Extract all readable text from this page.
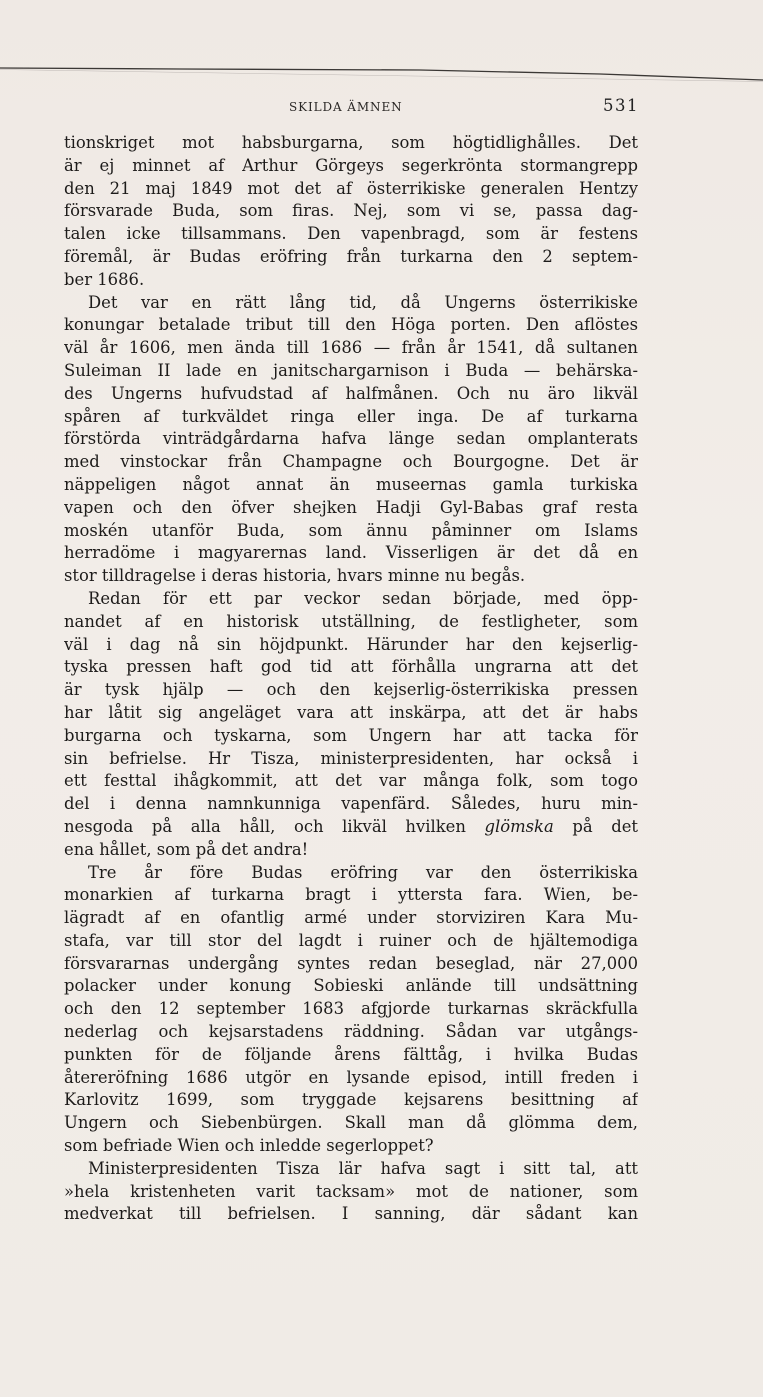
SKILDA ÄMNEN	531
tionskriget mot habsburgarna, som högtidlighålles. Det
är ej minnet af Arthur Görgeys segerkrönta stormangrepp
den 21 maj 1849 mot det af österrikiske generalen Hentzy
försvarade Buda, som firas. Nej, som vi se, passa dag-
talen icke tillsammans. Den vapenbragd, som är festens
föremål, är Budas eröfring från turkarna den 2 septem-
ber 1686.
Det var en rätt lång tid, då Ungerns österrikiske
konungar betalade tribut till den Höga porten. Den aflöstes
väl år 1606, men ända till 1686 — från år 1541, då sultanen
Suleiman II lade en janitschargarnison i Buda — behärska-
des Ungerns hufvudstad af halfmånen. Och nu äro likväl
spåren af turkväldet ringa eller inga. De af turkarna
förstörda vinträdgårdarna hafva länge sedan omplanterats
med vinstockar från Champagne och Bourgogne. Det är
näppeligen något annat än museernas gamla turkiska
vapen och den öfver shejken Hadji Gyl-Babas graf resta
moskén utanför Buda, som ännu påminner om Islams
herradöme i magyarernas land. Visserligen är det då en
stor tilldragelse i deras historia, hvars minne nu begås.
Redan för ett par veckor sedan började, med öpp-
nandet af en historisk utställning, de festligheter, som
väl i dag nå sin höjdpunkt. Härunder har den kejserlig-
tyska pressen haft god tid att förhålla ungrarna att det
är tysk hjälp — och den kejserlig-österrikiska pressen
har låtit sig angeläget vara att inskärpa, att det är habs
burgarna och tyskarna, som Ungern har att tacka för
sin befrielse. Hr Tisza, ministerpresidenten, har också i
ett festtal ihågkommit, att det var många folk, som togo
del i denna namnkunniga vapenfärd. Således, huru min-
nesgoda på alla håll, och likväl hvilken glömska på det
ena hållet, som på det andra!
Tre år före Budas eröfring var den österrikiska
monarkien af turkarna bragt i yttersta fara. Wien, be-
lägradt af en ofantlig armé under storviziren Kara Mu-
stafa, var till stor del lagdt i ruiner och de hjältemodiga
försvararnas undergång syntes redan beseglad, när 27,000
polacker under konung Sobieski anlände till undsättning
och den 12 september 1683 afgjorde turkarnas skräckfulla
nederlag och kejsarstadens räddning. Sådan var utgångs-
punkten för de följande årens fälttåg, i hvilka Budas
återeröfning 1686 utgör en lysande episod, intill freden i
Karlovitz 1699, som tryggade kejsarens besittning af
Ungern och Siebenbürgen. Skall man då glömma dem,
som befriade Wien och inledde segerloppet?
Ministerpresidenten Tisza lär hafva sagt i sitt tal, att
»hela kristenheten varit tacksam» mot de nationer, som
medverkat till befrielsen. I sanning, där sådant kan
